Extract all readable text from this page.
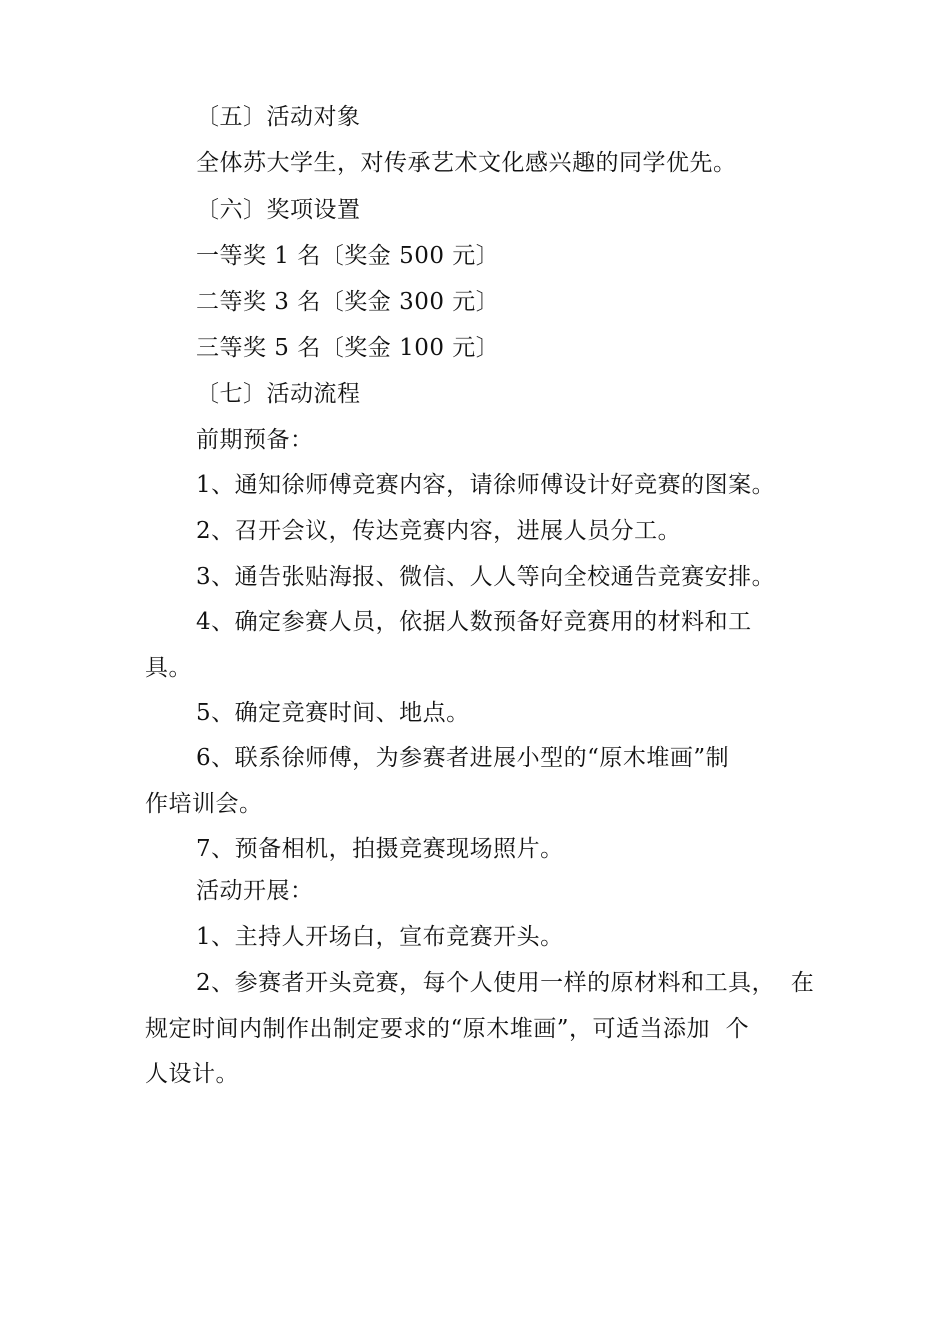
〔五〕活动对象
全体苏大学生，对传承艺术文化感兴趣的同学优先。
〔六〕奖项设置
一等奖 1 名〔奖金 500 元〕
二等奖 3 名〔奖金 300 元〕
三等奖 5 名〔奖金 100 元〕
〔七〕活动流程
前期预备：
1、通知徐师傅竞赛内容，请徐师傅设计好竞赛的图案。
2、召开会议，传达竞赛内容，进展人员分工。
3、通告张贴海报、微信、人人等向全校通告竞赛安排。
4、确定参赛人员，依据人数预备好竞赛用的材料和工
具。
5、确定竞赛时间、地点。
6、联系徐师傅，为参赛者进展小型的“原木堆画”制
作培训会。
7、预备相机，拍摄竞赛现场照片。
活动开展：
1、主持人开场白，宣布竞赛开头。
2、参赛者开头竞赛，每个人使用一样的原材料和工具，  在
规定时间内制作出制定要求的“原木堆画”，可适当添加  个
人设计。
